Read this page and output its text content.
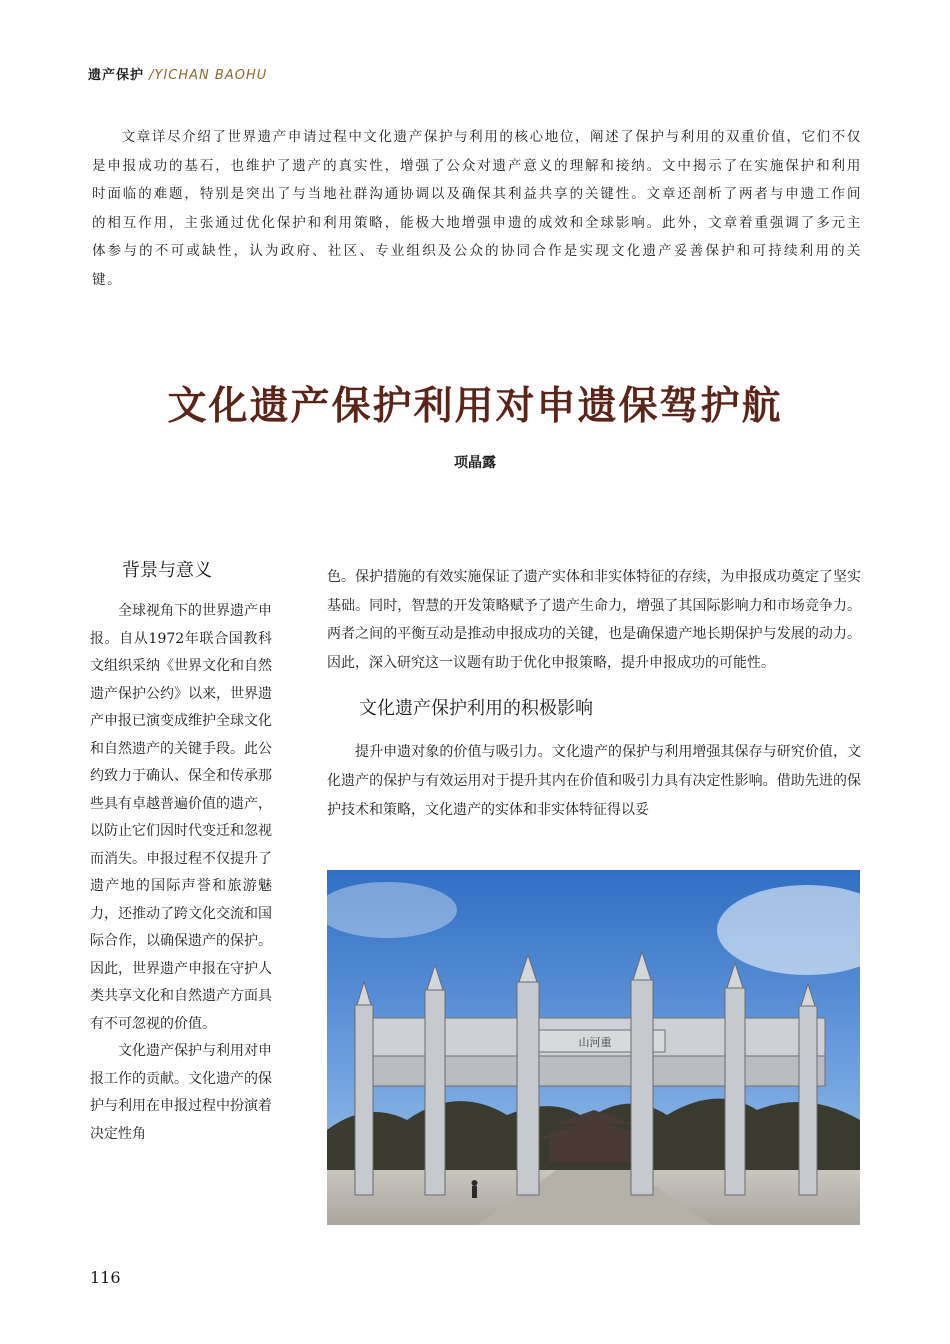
遗产保护 /YICHAN BAOHU

文章详尽介绍了世界遗产申请过程中文化遗产保护与利用的核心地位，阐述了保护与利用的双重价值，它们不仅是申报成功的基石，也维护了遗产的真实性，增强了公众对遗产意义的理解和接纳。文中揭示了在实施保护和利用时面临的难题，特别是突出了与当地社群沟通协调以及确保其利益共享的关键性。文章还剖析了两者与申遗工作间的相互作用，主张通过优化保护和利用策略，能极大地增强申遗的成效和全球影响。此外，文章着重强调了多元主体参与的不可或缺性，认为政府、社区、专业组织及公众的协同合作是实现文化遗产妥善保护和可持续利用的关键。

文化遗产保护利用对申遗保驾护航

项晶露

背景与意义

全球视角下的世界遗产申报。自从1972年联合国教科文组织采纳《世界文化和自然遗产保护公约》以来，世界遗产申报已演变成维护全球文化和自然遗产的关键手段。此公约致力于确认、保全和传承那些具有卓越普遍价值的遗产，以防止它们因时代变迁和忽视而消失。申报过程不仅提升了遗产地的国际声誉和旅游魅力，还推动了跨文化交流和国际合作，以确保遗产的保护。因此，世界遗产申报在守护人类共享文化和自然遗产方面具有不可忽视的价值。

文化遗产保护与利用对申报工作的贡献。文化遗产的保护与利用在申报过程中扮演着决定性角

色。保护措施的有效实施保证了遗产实体和非实体特征的存续，为申报成功奠定了坚实基础。同时，智慧的开发策略赋予了遗产生命力，增强了其国际影响力和市场竞争力。两者之间的平衡互动是推动申报成功的关键，也是确保遗产地长期保护与发展的动力。因此，深入研究这一议题有助于优化申报策略，提升申报成功的可能性。

文化遗产保护利用的积极影响

提升申遗对象的价值与吸引力。文化遗产的保护与利用增强其保存与研究价值，文化遗产的保护与有效运用对于提升其内在价值和吸引力具有决定性影响。借助先进的保护技术和策略，文化遗产的实体和非实体特征得以妥

山河重
116
